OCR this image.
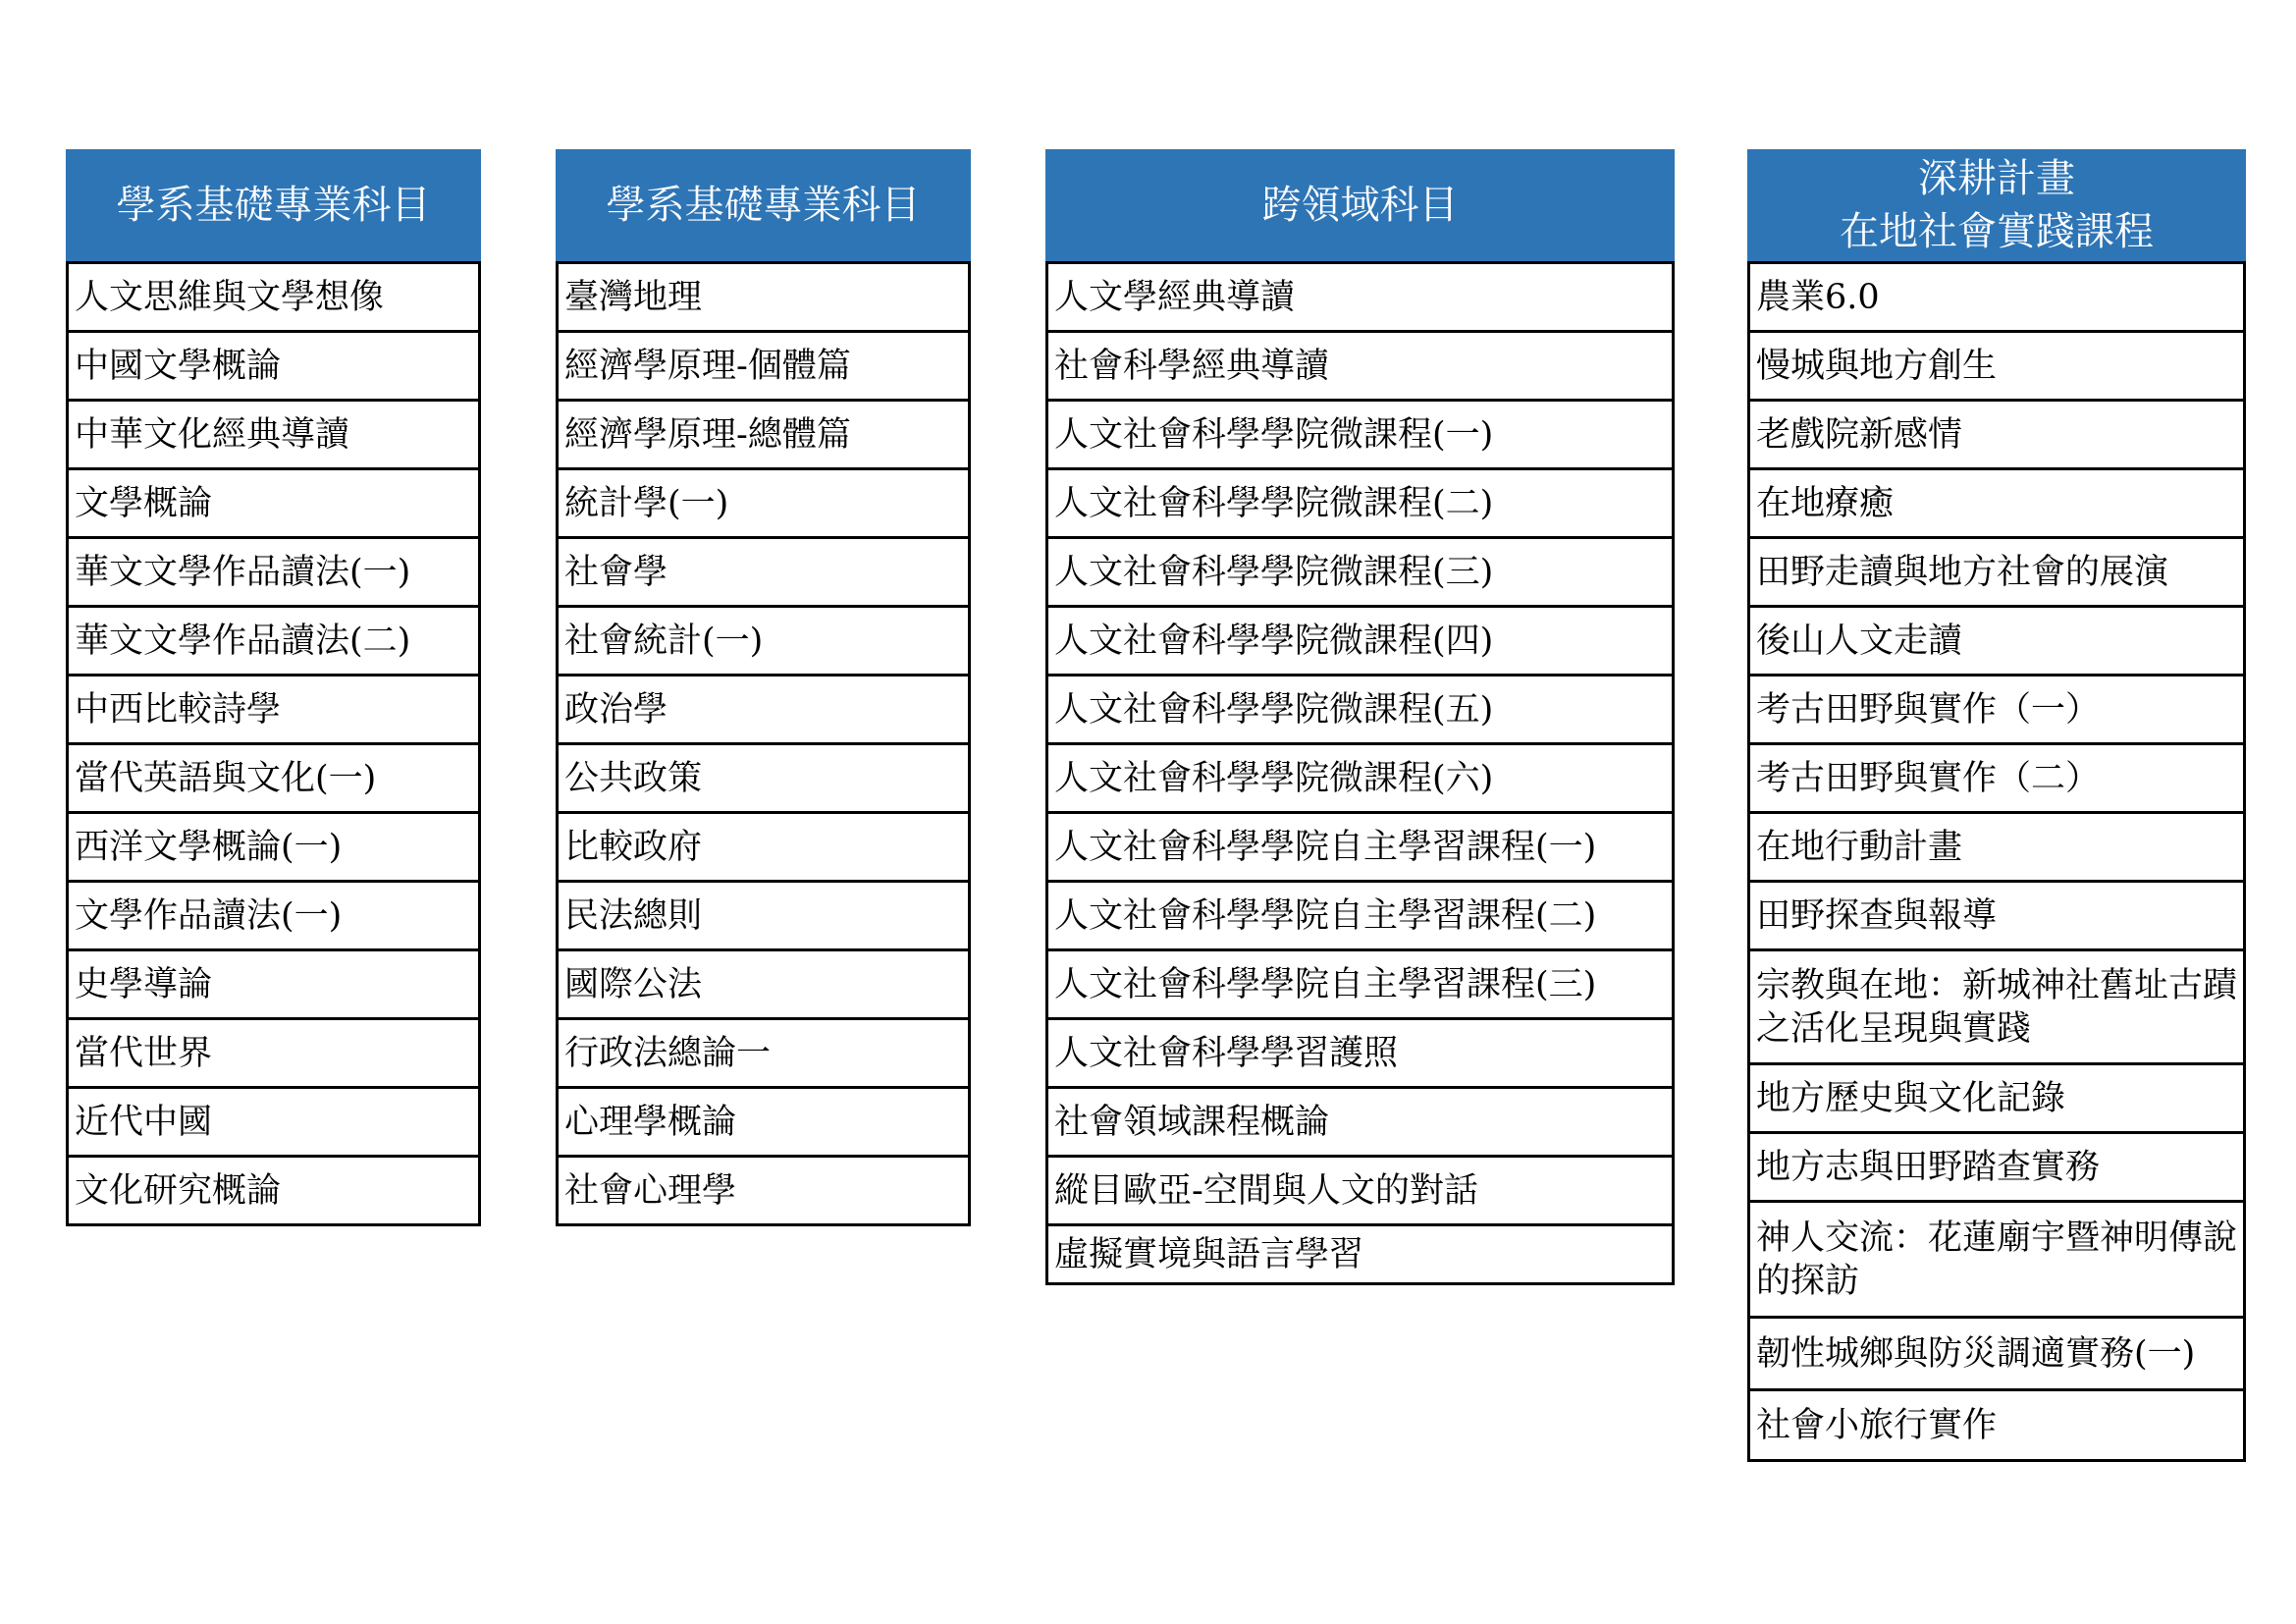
學系基礎專業科目
人文思維與文學想像
中國文學概論
中華文化經典導讀
文學概論
華文文學作品讀法(一)
華文文學作品讀法(二)
中西比較詩學
當代英語與文化(一)
西洋文學概論(一)
文學作品讀法(一)
史學導論
當代世界
近代中國
文化研究概論
學系基礎專業科目
臺灣地理
經濟學原理-個體篇
經濟學原理-總體篇
統計學(一)
社會學
社會統計(一)
政治學
公共政策
比較政府
民法總則
國際公法
行政法總論一
心理學概論
社會心理學
跨領域科目
人文學經典導讀
社會科學經典導讀
人文社會科學學院微課程(一)
人文社會科學學院微課程(二)
人文社會科學學院微課程(三)
人文社會科學學院微課程(四)
人文社會科學學院微課程(五)
人文社會科學學院微課程(六)
人文社會科學學院自主學習課程(一)
人文社會科學學院自主學習課程(二)
人文社會科學學院自主學習課程(三)
人文社會科學學習護照
社會領域課程概論
縱目歐亞-空間與人文的對話
虛擬實境與語言學習
深耕計畫
在地社會實踐課程
農業6.0
慢城與地方創生
老戲院新感情
在地療癒
田野走讀與地方社會的展演
後山人文走讀
考古田野與實作（一）
考古田野與實作（二）
在地行動計畫
田野探查與報導
宗教與在地：新城神社舊址古蹟之活化呈現與實踐
地方歷史與文化記錄
地方志與田野踏查實務
神人交流：花蓮廟宇暨神明傳說的探訪
韌性城鄉與防災調適實務(一)
社會小旅行實作
